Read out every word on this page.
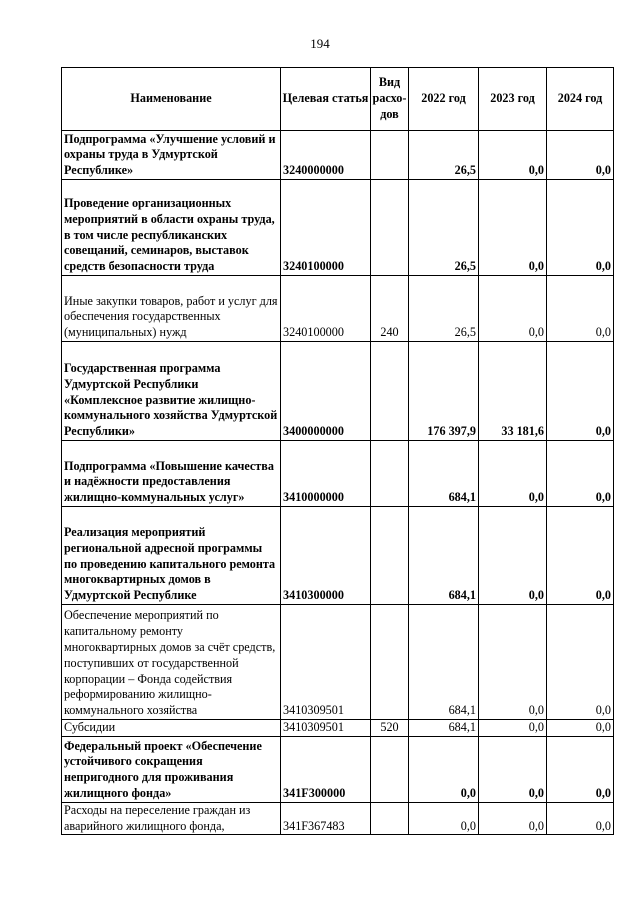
194
Наименование	Целевая статья	Вид расхо-дов	2022 год	2023 год	2024 год
Подпрограмма «Улучшение условий и охраны труда в Удмуртской Республике»	3240000000		26,5	0,0	0,0
Проведение организационных мероприятий в области охраны труда, в том числе республиканских совещаний, семинаров, выставок средств безопасности труда	3240100000		26,5	0,0	0,0
Иные закупки товаров, работ и услуг для обеспечения государственных (муниципальных) нужд	3240100000	240	26,5	0,0	0,0
Государственная программа Удмуртской Республики «Комплексное развитие жилищно-коммунального хозяйства Удмуртской Республики»	3400000000		176 397,9	33 181,6	0,0
Подпрограмма «Повышение качества и надёжности предоставления жилищно-коммунальных услуг»	3410000000		684,1	0,0	0,0
Реализация мероприятий региональной адресной программы по проведению капитального ремонта многоквартирных домов в Удмуртской Республике	3410300000		684,1	0,0	0,0
Обеспечение мероприятий по капитальному ремонту многоквартирных домов за счёт средств, поступивших от государственной корпорации – Фонда содействия реформированию жилищно-коммунального хозяйства	3410309501		684,1	0,0	0,0
Субсидии	3410309501	520	684,1	0,0	0,0
Федеральный проект «Обеспечение устойчивого сокращения непригодного для проживания жилищного фонда»	341F300000		0,0	0,0	0,0
Расходы на переселение граждан из аварийного жилищного фонда,	341F367483		0,0	0,0	0,0
